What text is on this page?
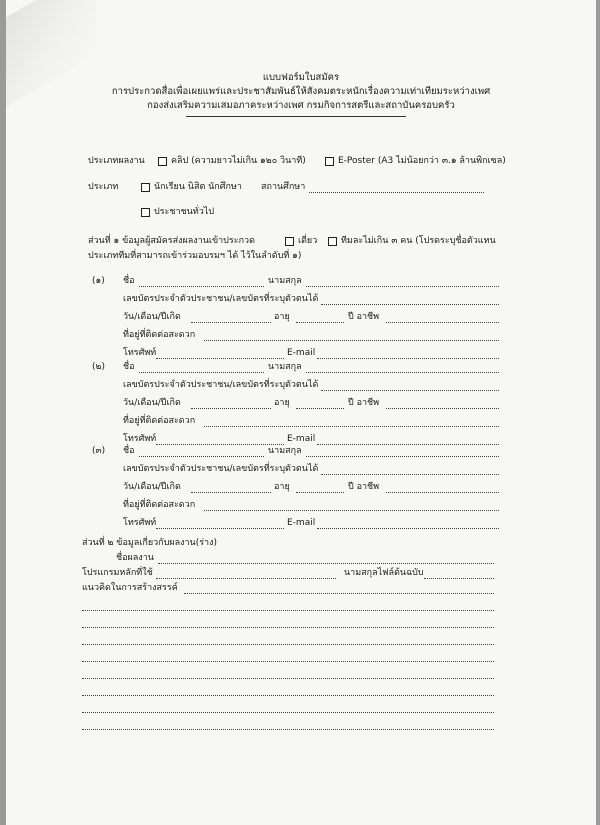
แบบฟอร์มใบสมัคร
การประกวดสื่อเพื่อเผยแพร่และประชาสัมพันธ์ให้สังคมตระหนักเรื่องความเท่าเทียมระหว่างเพศ
กองส่งเสริมความเสมอภาคระหว่างเพศ กรมกิจการสตรีและสถาบันครอบครัว
ประเภทผลงาน	คลิป (ความยาวไม่เกิน ๑๒๐ วินาที)	E-Poster (A3 ไม่น้อยกว่า ๓.๑ ล้านพิกเซล)
ประเภท	นักเรียน นิสิต นักศึกษา สถานศึกษา
ประชาชนทั่วไป
ส่วนที่ ๑ ข้อมูลผู้สมัครส่งผลงานเข้าประกวด	เดี่ยว	ทีมละไม่เกิน ๓ คน (โปรดระบุชื่อตัวแทน
ประเภททีมที่สามารถเข้าร่วมอบรมฯ ได้ ไว้ในลำดับที่ ๑)
(๑) ชื่อ	นามสกุล
เลขบัตรประจำตัวประชาชน/เลขบัตรที่ระบุตัวตนได้
วัน/เดือน/ปีเกิด	อายุ	ปี อาชีพ
ที่อยู่ที่ติดต่อสะดวก
โทรศัพท์	E-mail
(๒) ชื่อ	นามสกุล
เลขบัตรประจำตัวประชาชน/เลขบัตรที่ระบุตัวตนได้
วัน/เดือน/ปีเกิด	อายุ	ปี อาชีพ
ที่อยู่ที่ติดต่อสะดวก
โทรศัพท์	E-mail
(๓) ชื่อ	นามสกุล
เลขบัตรประจำตัวประชาชน/เลขบัตรที่ระบุตัวตนได้
วัน/เดือน/ปีเกิด	อายุ	ปี อาชีพ
ที่อยู่ที่ติดต่อสะดวก
โทรศัพท์	E-mail
ส่วนที่ ๒ ข้อมูลเกี่ยวกับผลงาน(ร่าง)
ชื่อผลงาน
โปรแกรมหลักที่ใช้	นามสกุลไฟล์ต้นฉบับ
แนวคิดในการสร้างสรรค์
